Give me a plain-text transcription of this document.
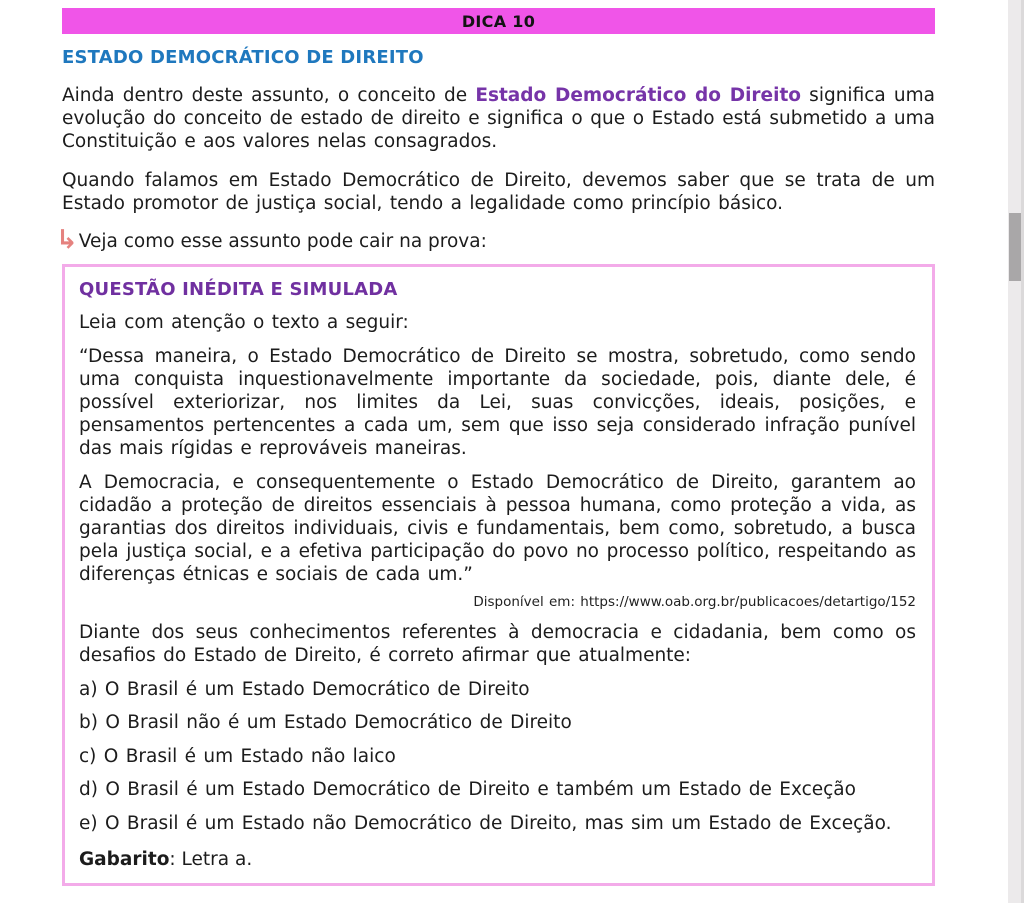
DICA 10
ESTADO DEMOCRÁTICO DE DIREITO

Ainda dentro deste assunto, o conceito de Estado Democrático do Direito significa uma evolução do conceito de estado de direito e significa o que o Estado está submetido a uma Constituição e aos valores nelas consagrados.

Quando falamos em Estado Democrático de Direito, devemos saber que se trata de um Estado promotor de justiça social, tendo a legalidade como princípio básico.

↳ Veja como esse assunto pode cair na prova:
QUESTÃO INÉDITA E SIMULADA

Leia com atenção o texto a seguir:

“Dessa maneira, o Estado Democrático de Direito se mostra, sobretudo, como sendo uma conquista inquestionavelmente importante da sociedade, pois, diante dele, é possível exteriorizar, nos limites da Lei, suas convicções, ideais, posições, e pensamentos pertencentes a cada um, sem que isso seja considerado infração punível das mais rígidas e reprováveis maneiras.

A Democracia, e consequentemente o Estado Democrático de Direito, garantem ao cidadão a proteção de direitos essenciais à pessoa humana, como proteção a vida, as garantias dos direitos individuais, civis e fundamentais, bem como, sobretudo, a busca pela justiça social, e a efetiva participação do povo no processo político, respeitando as diferenças étnicas e sociais de cada um.”

Disponível em: https://www.oab.org.br/publicacoes/detartigo/152

Diante dos seus conhecimentos referentes à democracia e cidadania, bem como os desafios do Estado de Direito, é correto afirmar que atualmente:

a) O Brasil é um Estado Democrático de Direito

b) O Brasil não é um Estado Democrático de Direito

c) O Brasil é um Estado não laico

d) O Brasil é um Estado Democrático de Direito e também um Estado de Exceção

e) O Brasil é um Estado não Democrático de Direito, mas sim um Estado de Exceção.

Gabarito: Letra a.
